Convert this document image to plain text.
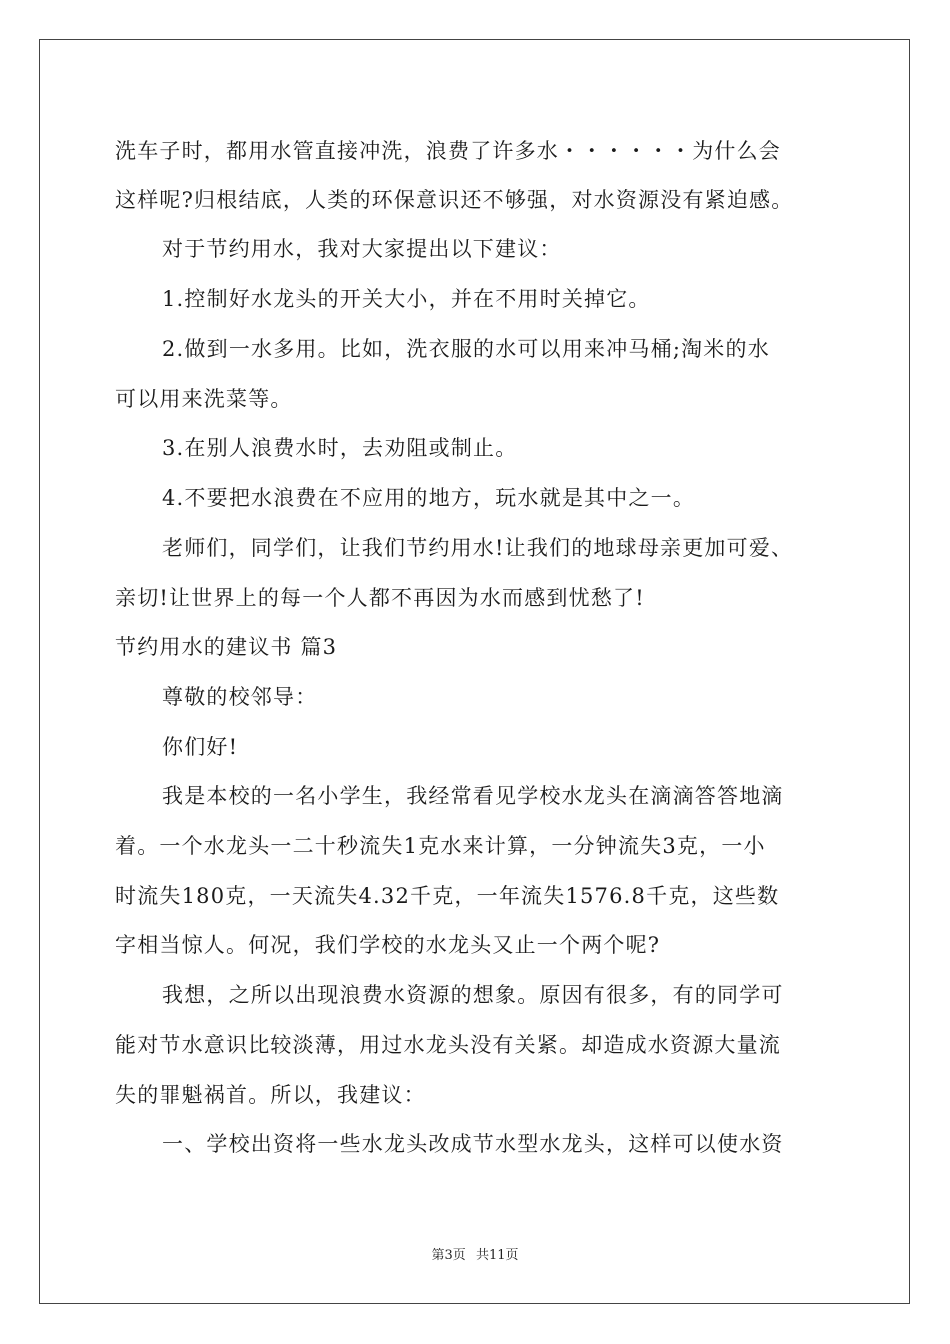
洗车子时，都用水管直接冲洗，浪费了许多水・・・・・・为什么会
这样呢?归根结底，人类的环保意识还不够强，对水资源没有紧迫感。
对于节约用水，我对大家提出以下建议：
1.控制好水龙头的开关大小，并在不用时关掉它。
2.做到一水多用。比如，洗衣服的水可以用来冲马桶;淘米的水
可以用来洗菜等。
3.在别人浪费水时，去劝阻或制止。
4.不要把水浪费在不应用的地方，玩水就是其中之一。
老师们，同学们，让我们节约用水!让我们的地球母亲更加可爱、
亲切!让世界上的每一个人都不再因为水而感到忧愁了!
节约用水的建议书 篇3
尊敬的校邻导：
你们好!
我是本校的一名小学生，我经常看见学校水龙头在滴滴答答地滴
着。一个水龙头一二十秒流失1克水来计算，一分钟流失3克，一小
时流失180克，一天流失4.32千克，一年流失1576.8千克，这些数
字相当惊人。何况，我们学校的水龙头又止一个两个呢?
我想，之所以出现浪费水资源的想象。原因有很多，有的同学可
能对节水意识比较淡薄，用过水龙头没有关紧。却造成水资源大量流
失的罪魁祸首。所以，我建议：
一、学校出资将一些水龙头改成节水型水龙头，这样可以使水资
第3页 共11页
